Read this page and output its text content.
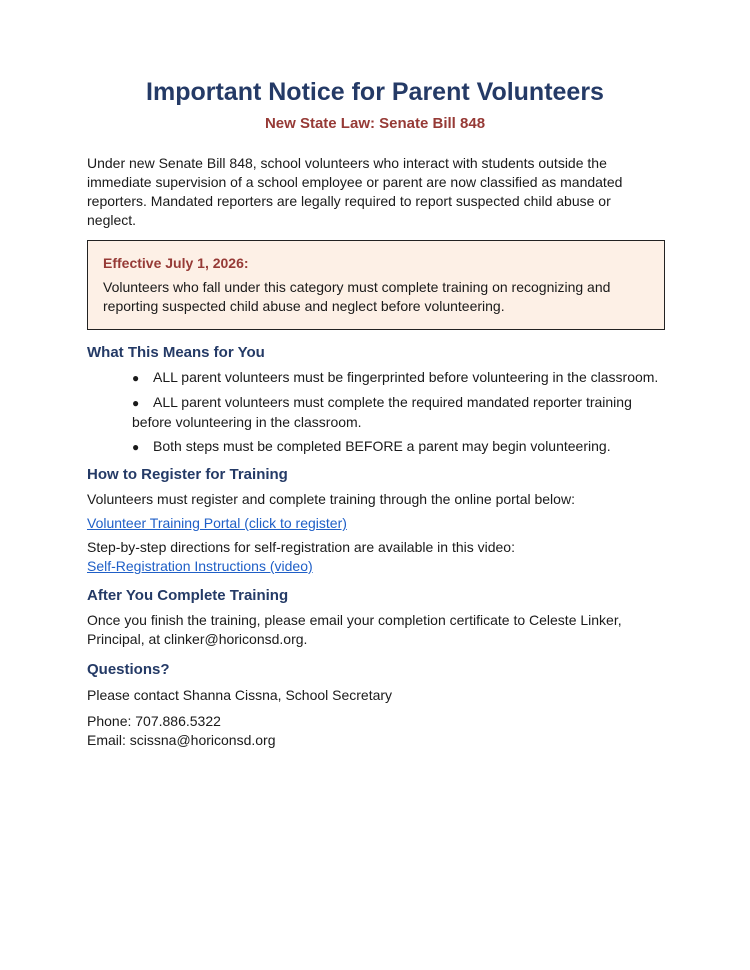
Important Notice for Parent Volunteers
New State Law: Senate Bill 848

Under new Senate Bill 848, school volunteers who interact with students outside the immediate supervision of a school employee or parent are now classified as mandated reporters. Mandated reporters are legally required to report suspected child abuse or neglect.

Effective July 1, 2026:

Volunteers who fall under this category must complete training on recognizing and reporting suspected child abuse and neglect before volunteering.

What This Means for You
● ALL parent volunteers must be fingerprinted before volunteering in the classroom.
● ALL parent volunteers must complete the required mandated reporter training before volunteering in the classroom.
● Both steps must be completed BEFORE a parent may begin volunteering.
How to Register for Training

Volunteers must register and complete training through the online portal below:

Volunteer Training Portal (click to register)

Step-by-step directions for self-registration are available in this video:

Self-Registration Instructions (video)
After You Complete Training

Once you finish the training, please email your completion certificate to Celeste Linker, Principal, at clinker@horiconsd.org.

Questions?

Please contact Shanna Cissna, School Secretary

Phone: 707.886.5322

Email: scissna@horiconsd.org
